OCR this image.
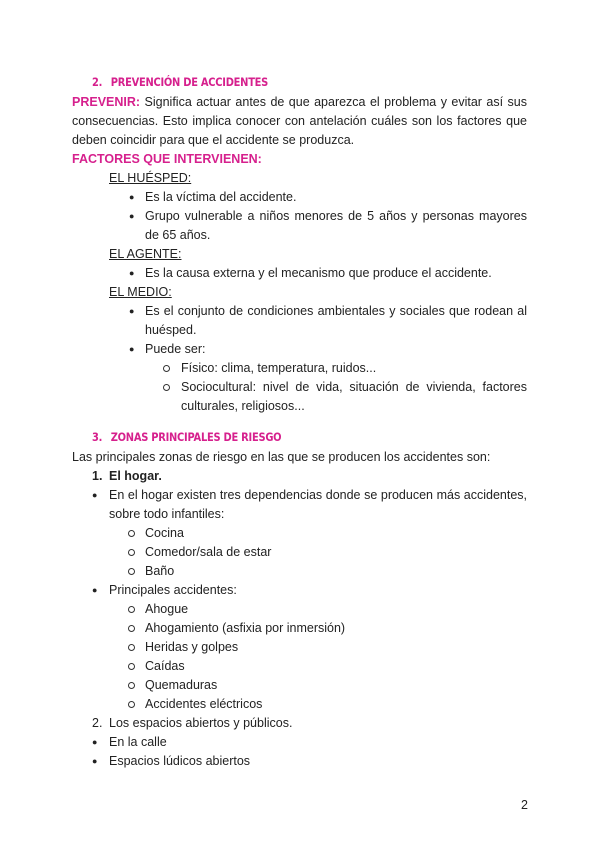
2. PREVENCIÓN DE ACCIDENTES
PREVENIR: Significa actuar antes de que aparezca el problema y evitar así sus consecuencias. Esto implica conocer con antelación cuáles son los factores que deben coincidir para que el accidente se produzca.
FACTORES QUE INTERVIENEN:
EL HUÉSPED:
● Es la víctima del accidente.
● Grupo vulnerable a niños menores de 5 años y personas mayores de 65 años.
EL AGENTE:
● Es la causa externa y el mecanismo que produce el accidente.
EL MEDIO:
● Es el conjunto de condiciones ambientales y sociales que rodean al huésped.
● Puede ser:
Físico: clima, temperatura, ruidos...
Sociocultural: nivel de vida, situación de vivienda, factores culturales, religiosos...
3. ZONAS PRINCIPALES DE RIESGO
Las principales zonas de riesgo en las que se producen los accidentes son:
1. El hogar.
● En el hogar existen tres dependencias donde se producen más accidentes, sobre todo infantiles:
Cocina
Comedor/sala de estar
Baño
● Principales accidentes:
Ahogue
Ahogamiento (asfixia por inmersión)
Heridas y golpes
Caídas
Quemaduras
Accidentes eléctricos
2. Los espacios abiertos y públicos.
● En la calle
● Espacios lúdicos abiertos
2
